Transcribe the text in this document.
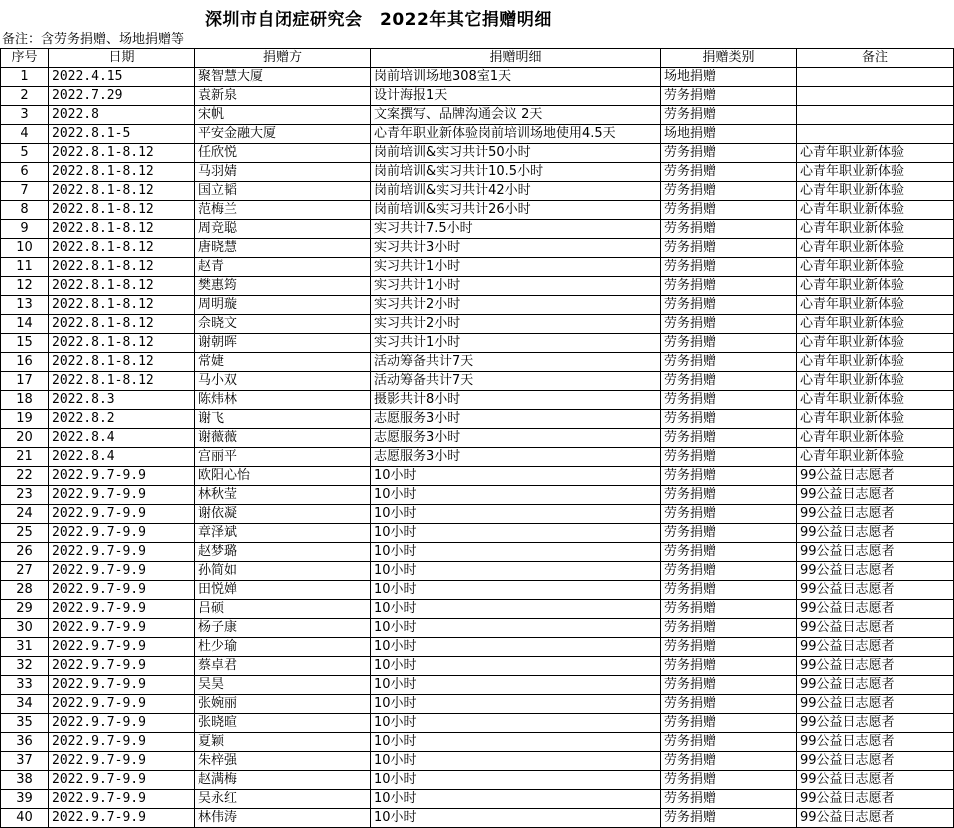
深圳市自闭症研究会　2022年其它捐赠明细
备注：含劳务捐赠、场地捐赠等
序号	日期	捐赠方	捐赠明细	捐赠类别	备注
1	2022.4.15	聚智慧大厦	岗前培训场地308室1天	场地捐赠	
2	2022.7.29	袁新泉	设计海报1天	劳务捐赠	
3	2022.8	宋帆	文案撰写、品牌沟通会议 2天	劳务捐赠	
4	2022.8.1-5	平安金融大厦	心青年职业新体验岗前培训场地使用4.5天	场地捐赠	
5	2022.8.1-8.12	任欣悦	岗前培训&实习共计50小时	劳务捐赠	心青年职业新体验
6	2022.8.1-8.12	马羽婧	岗前培训&实习共计10.5小时	劳务捐赠	心青年职业新体验
7	2022.8.1-8.12	国立韬	岗前培训&实习共计42小时	劳务捐赠	心青年职业新体验
8	2022.8.1-8.12	范梅兰	岗前培训&实习共计26小时	劳务捐赠	心青年职业新体验
9	2022.8.1-8.12	周竞聪	实习共计7.5小时	劳务捐赠	心青年职业新体验
10	2022.8.1-8.12	唐晓慧	实习共计3小时	劳务捐赠	心青年职业新体验
11	2022.8.1-8.12	赵青	实习共计1小时	劳务捐赠	心青年职业新体验
12	2022.8.1-8.12	樊惠筠	实习共计1小时	劳务捐赠	心青年职业新体验
13	2022.8.1-8.12	周明璇	实习共计2小时	劳务捐赠	心青年职业新体验
14	2022.8.1-8.12	佘晓文	实习共计2小时	劳务捐赠	心青年职业新体验
15	2022.8.1-8.12	谢朝晖	实习共计1小时	劳务捐赠	心青年职业新体验
16	2022.8.1-8.12	常婕	活动筹备共计7天	劳务捐赠	心青年职业新体验
17	2022.8.1-8.12	马小双	活动筹备共计7天	劳务捐赠	心青年职业新体验
18	2022.8.3	陈炜林	摄影共计8小时	劳务捐赠	心青年职业新体验
19	2022.8.2	谢飞	志愿服务3小时	劳务捐赠	心青年职业新体验
20	2022.8.4	谢薇薇	志愿服务3小时	劳务捐赠	心青年职业新体验
21	2022.8.4	宫丽平	志愿服务3小时	劳务捐赠	心青年职业新体验
22	2022.9.7-9.9	欧阳心怡	10小时	劳务捐赠	99公益日志愿者
23	2022.9.7-9.9	林秋莹	10小时	劳务捐赠	99公益日志愿者
24	2022.9.7-9.9	谢依凝	10小时	劳务捐赠	99公益日志愿者
25	2022.9.7-9.9	章泽斌	10小时	劳务捐赠	99公益日志愿者
26	2022.9.7-9.9	赵梦璐	10小时	劳务捐赠	99公益日志愿者
27	2022.9.7-9.9	孙简如	10小时	劳务捐赠	99公益日志愿者
28	2022.9.7-9.9	田悦婵	10小时	劳务捐赠	99公益日志愿者
29	2022.9.7-9.9	吕硕	10小时	劳务捐赠	99公益日志愿者
30	2022.9.7-9.9	杨子康	10小时	劳务捐赠	99公益日志愿者
31	2022.9.7-9.9	杜少瑜	10小时	劳务捐赠	99公益日志愿者
32	2022.9.7-9.9	蔡卓君	10小时	劳务捐赠	99公益日志愿者
33	2022.9.7-9.9	吴昊	10小时	劳务捐赠	99公益日志愿者
34	2022.9.7-9.9	张婉丽	10小时	劳务捐赠	99公益日志愿者
35	2022.9.7-9.9	张晓暄	10小时	劳务捐赠	99公益日志愿者
36	2022.9.7-9.9	夏颖	10小时	劳务捐赠	99公益日志愿者
37	2022.9.7-9.9	朱梓强	10小时	劳务捐赠	99公益日志愿者
38	2022.9.7-9.9	赵满梅	10小时	劳务捐赠	99公益日志愿者
39	2022.9.7-9.9	吴永红	10小时	劳务捐赠	99公益日志愿者
40	2022.9.7-9.9	林伟涛	10小时	劳务捐赠	99公益日志愿者
